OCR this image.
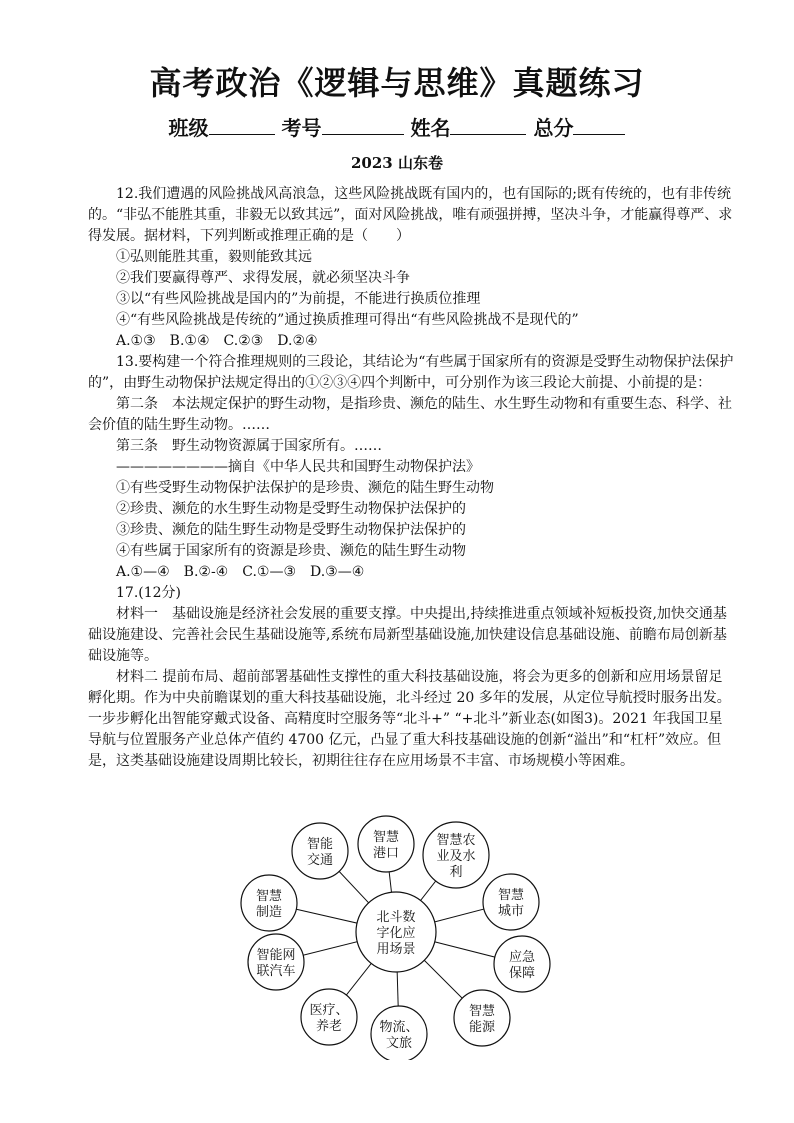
高考政治《逻辑与思维》真题练习
班级	考号	姓名	总分
2023 山东卷

12.我们遭遇的风险挑战风高浪急，这些风险挑战既有国内的，也有国际的;既有传统的，也有非传统的。“非弘不能胜其重，非毅无以致其远”，面对风险挑战，唯有顽强拼搏，坚决斗争，才能赢得尊严、求得发展。据材料，下列判断或推理正确的是（　　）

①弘则能胜其重，毅则能致其远

②我们要赢得尊严、求得发展，就必须坚决斗争

③以“有些风险挑战是国内的”为前提，不能进行换质位推理

④“有些风险挑战是传统的”通过换质推理可得出“有些风险挑战不是现代的”

A.①③　B.①④　C.②③　D.②④

13.要构建一个符合推理规则的三段论，其结论为“有些属于国家所有的资源是受野生动物保护法保护的”，由野生动物保护法规定得出的①②③④四个判断中，可分别作为该三段论大前提、小前提的是：

第二条　本法规定保护的野生动物，是指珍贵、濒危的陆生、水生野生动物和有重要生态、科学、社会价值的陆生野生动物。……

第三条　野生动物资源属于国家所有。……

————————摘自《中华人民共和国野生动物保护法》

①有些受野生动物保护法保护的是珍贵、濒危的陆生野生动物

②珍贵、濒危的水生野生动物是受野生动物保护法保护的

③珍贵、濒危的陆生野生动物是受野生动物保护法保护的

④有些属于国家所有的资源是珍贵、濒危的陆生野生动物

A.①—④　B.②-④　C.①—③　D.③—④

17.(12分)

材料一　基础设施是经济社会发展的重要支撑。中央提出,持续推进重点领域补短板投资,加快交通基础设施建设、完善社会民生基础设施等,系统布局新型基础设施,加快建设信息基础设施、前瞻布局创新基础设施等。

材料二 提前布局、超前部署基础性支撑性的重大科技基础设施，将会为更多的创新和应用场景留足孵化期。作为中央前瞻谋划的重大科技基础设施，北斗经过 20 多年的发展，从定位导航授时服务出发。一步步孵化出智能穿戴式设备、高精度时空服务等“北斗+” “+北斗”新业态(如图3)。2021 年我国卫星导航与位置服务产业总体产值约 4700 亿元，凸显了重大科技基础设施的创新“溢出”和“杠杆”效应。但是，这类基础设施建设周期比较长，初期往往存在应用场景不丰富、市场规模小等困难。

智慧
港口
智慧农
业及水
利
智慧
城市
应急
保障
智慧
能源
物流、
文旅
医疗、
养老
智能网
联汽车
智慧
制造
智能
交通
北斗数
字化应
用场景
